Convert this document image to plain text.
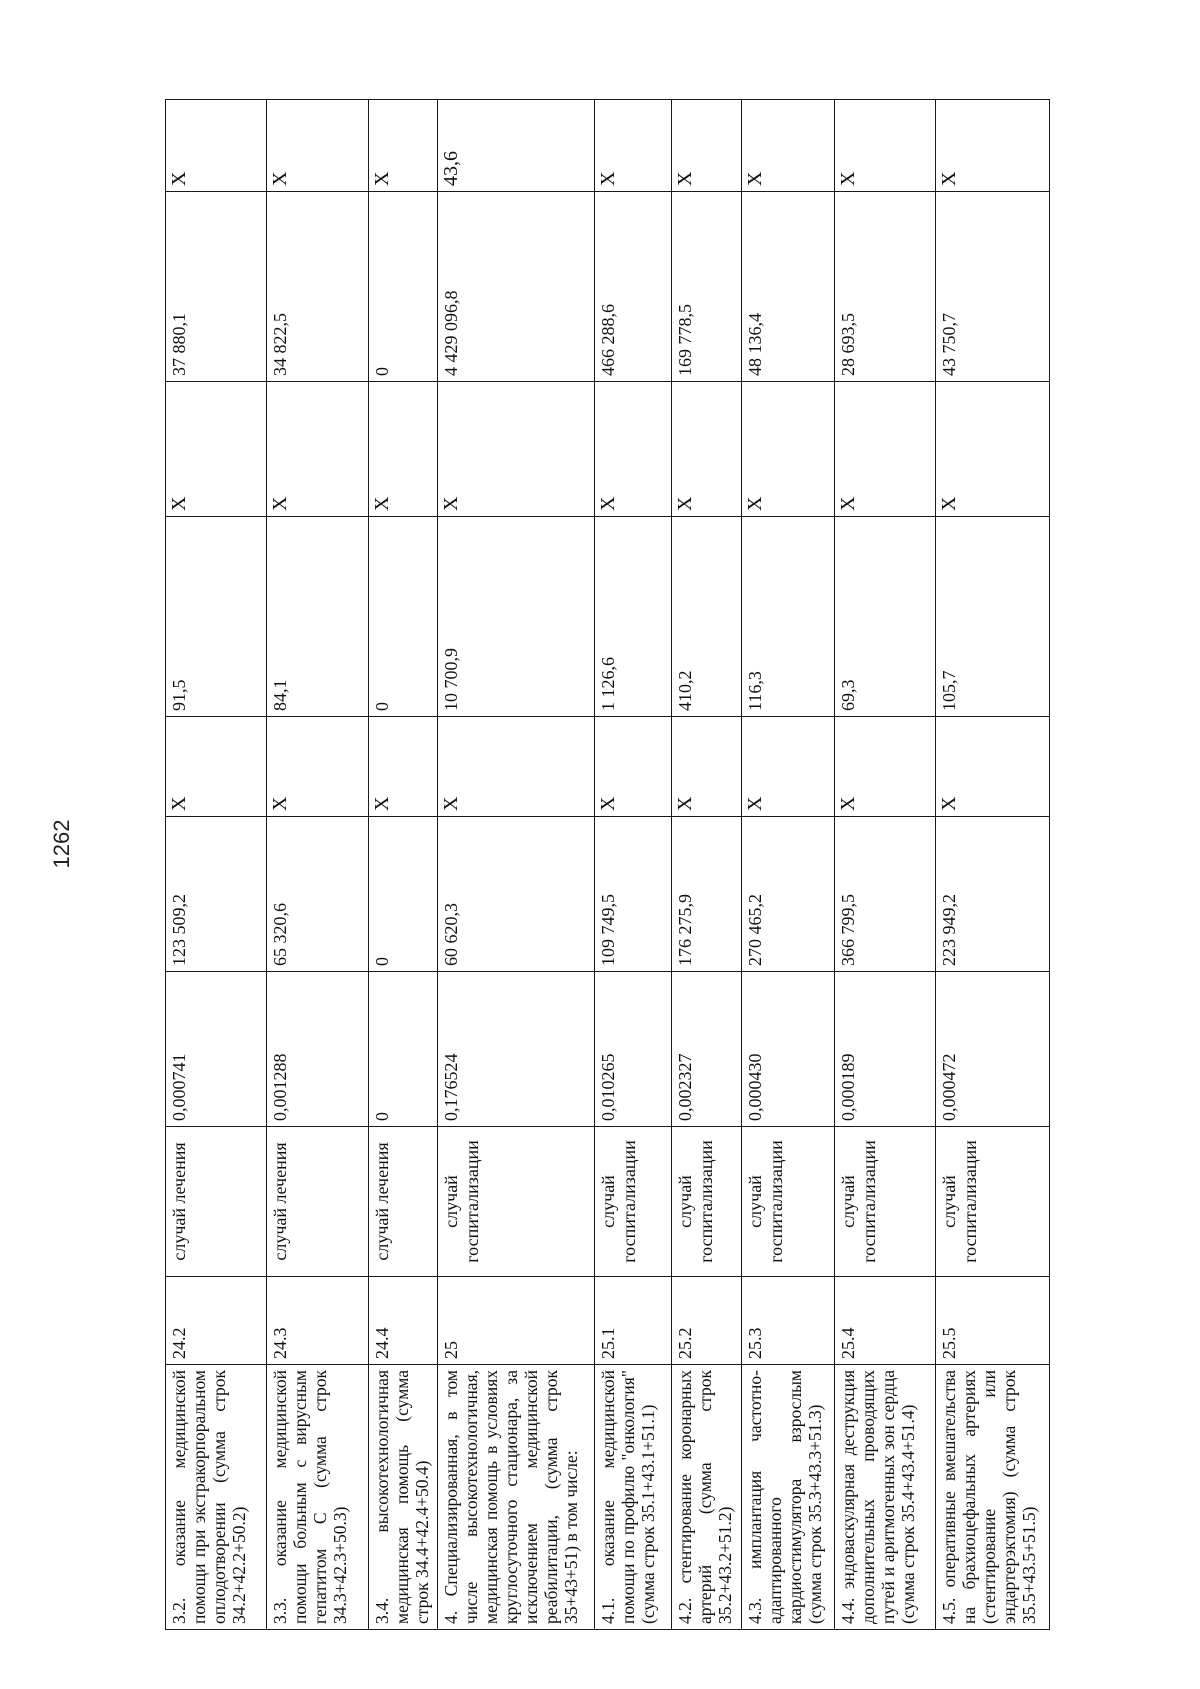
1262
3.2. оказание медицинской помощи при экстракорпоральном оплодотворении (сумма строк 34.2+42.2+50.2)	24.2	случай лечения	0,000741	123 509,2	X	91,5	X	37 880,1	X
3.3. оказание медицинской помощи больным с вирусным гепатитом С (сумма строк 34.3+42.3+50.3)	24.3	случай лечения	0,001288	65 320,6	X	84,1	X	34 822,5	X
3.4. высокотехнологичная медицинская помощь (сумма строк 34.4+42.4+50.4)	24.4	случай лечения	0	0	X	0	X	0	X
4. Специализированная, в том числе высокотехнологичная, медицинская помощь в условиях круглосуточного стационара, за исключением медицинской реабилитации, (сумма строк 35+43+51) в том числе:	25	случай госпитализации	0,176524	60 620,3	X	10 700,9	X	4 429 096,8	43,6
4.1. оказание медицинской помощи по профилю "онкология" (сумма строк 35.1+43.1+51.1)	25.1	случай госпитализации	0,010265	109 749,5	X	1 126,6	X	466 288,6	X
4.2. стентирование коронарных артерий (сумма строк 35.2+43.2+51.2)	25.2	случай госпитализации	0,002327	176 275,9	X	410,2	X	169 778,5	X
4.3. имплантация частотно-адаптированного кардиостимулятора взрослым (сумма строк 35.3+43.3+51.3)	25.3	случай госпитализации	0,000430	270 465,2	X	116,3	X	48 136,4	X
4.4. эндоваскулярная деструкция дополнительных проводящих путей и аритмогенных зон сердца (сумма строк 35.4+43.4+51.4)	25.4	случай госпитализации	0,000189	366 799,5	X	69,3	X	28 693,5	X
4.5. оперативные вмешательства на брахиоцефальных артериях (стентирование или эндартерэктомия) (сумма строк 35.5+43.5+51.5)	25.5	случай госпитализации	0,000472	223 949,2	X	105,7	X	43 750,7	X
